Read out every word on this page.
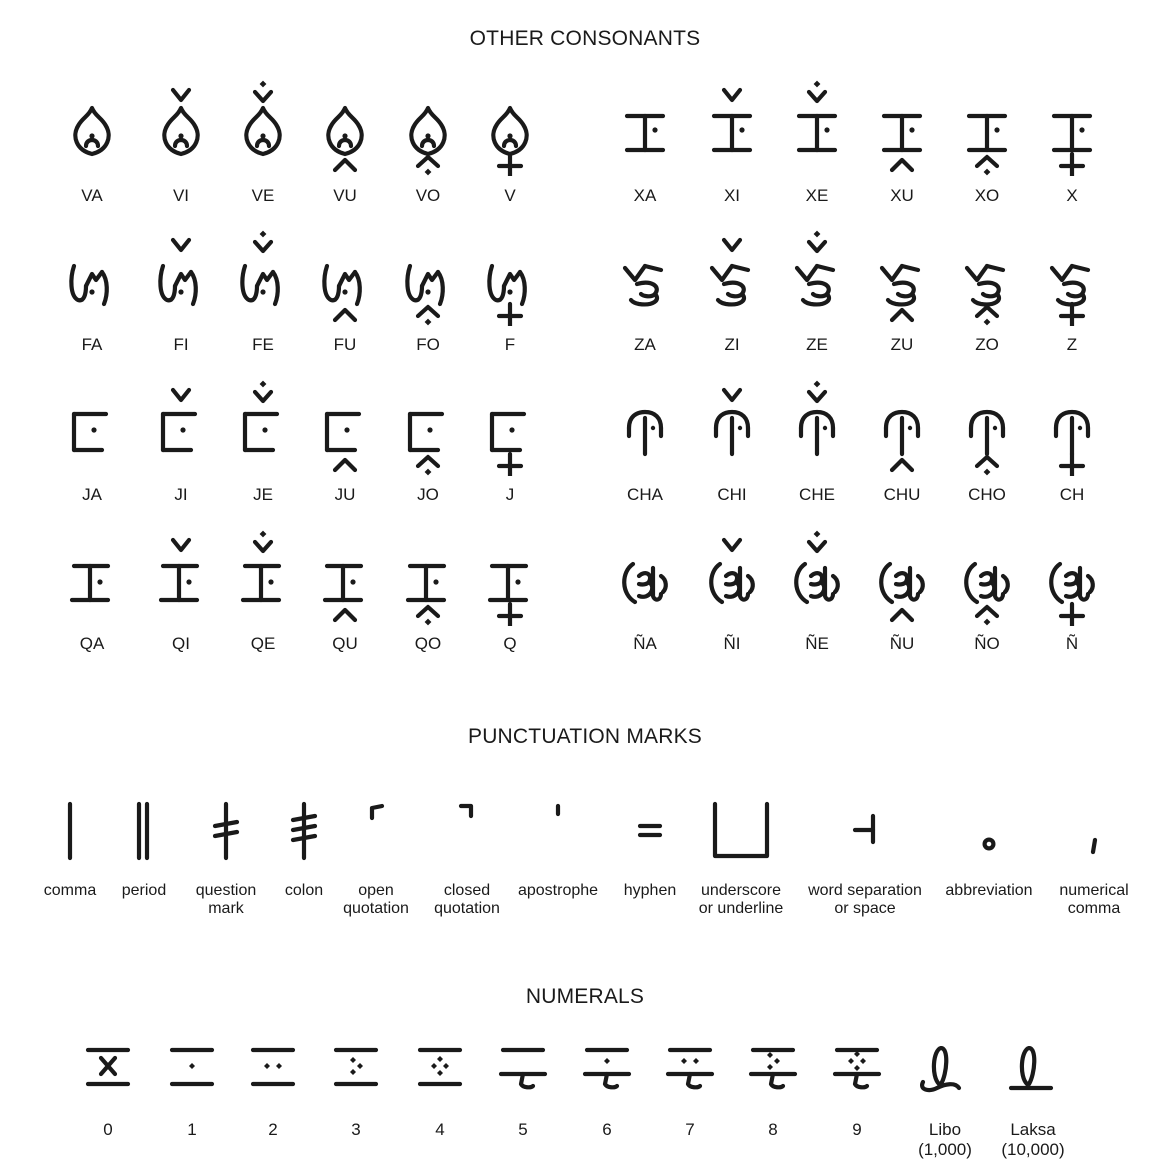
OTHER CONSONANTS
VA	VI	VE	VU	VO	V	XA	XI	XE	XU	XO	X
FA	FI	FE	FU	FO	F	ZA	ZI	ZE	ZU	ZO	Z
JA	JI	JE	JU	JO	J	CHA	CHI	CHE	CHU	CHO	CH
QA	QI	QE	QU	QO	Q	ÑA	ÑI	ÑE	ÑU	ÑO	Ñ
PUNCTUATION MARKS
comma	period	question
mark
colon	open
quotation
closed
quotation
apostrophe	hyphen	underscore
or underline
word separation
or space
abbreviation	numerical
comma
NUMERALS
0	1	2	3	4	5	6	7	8	9	Libo
(1,000)
Laksa
(10,000)
